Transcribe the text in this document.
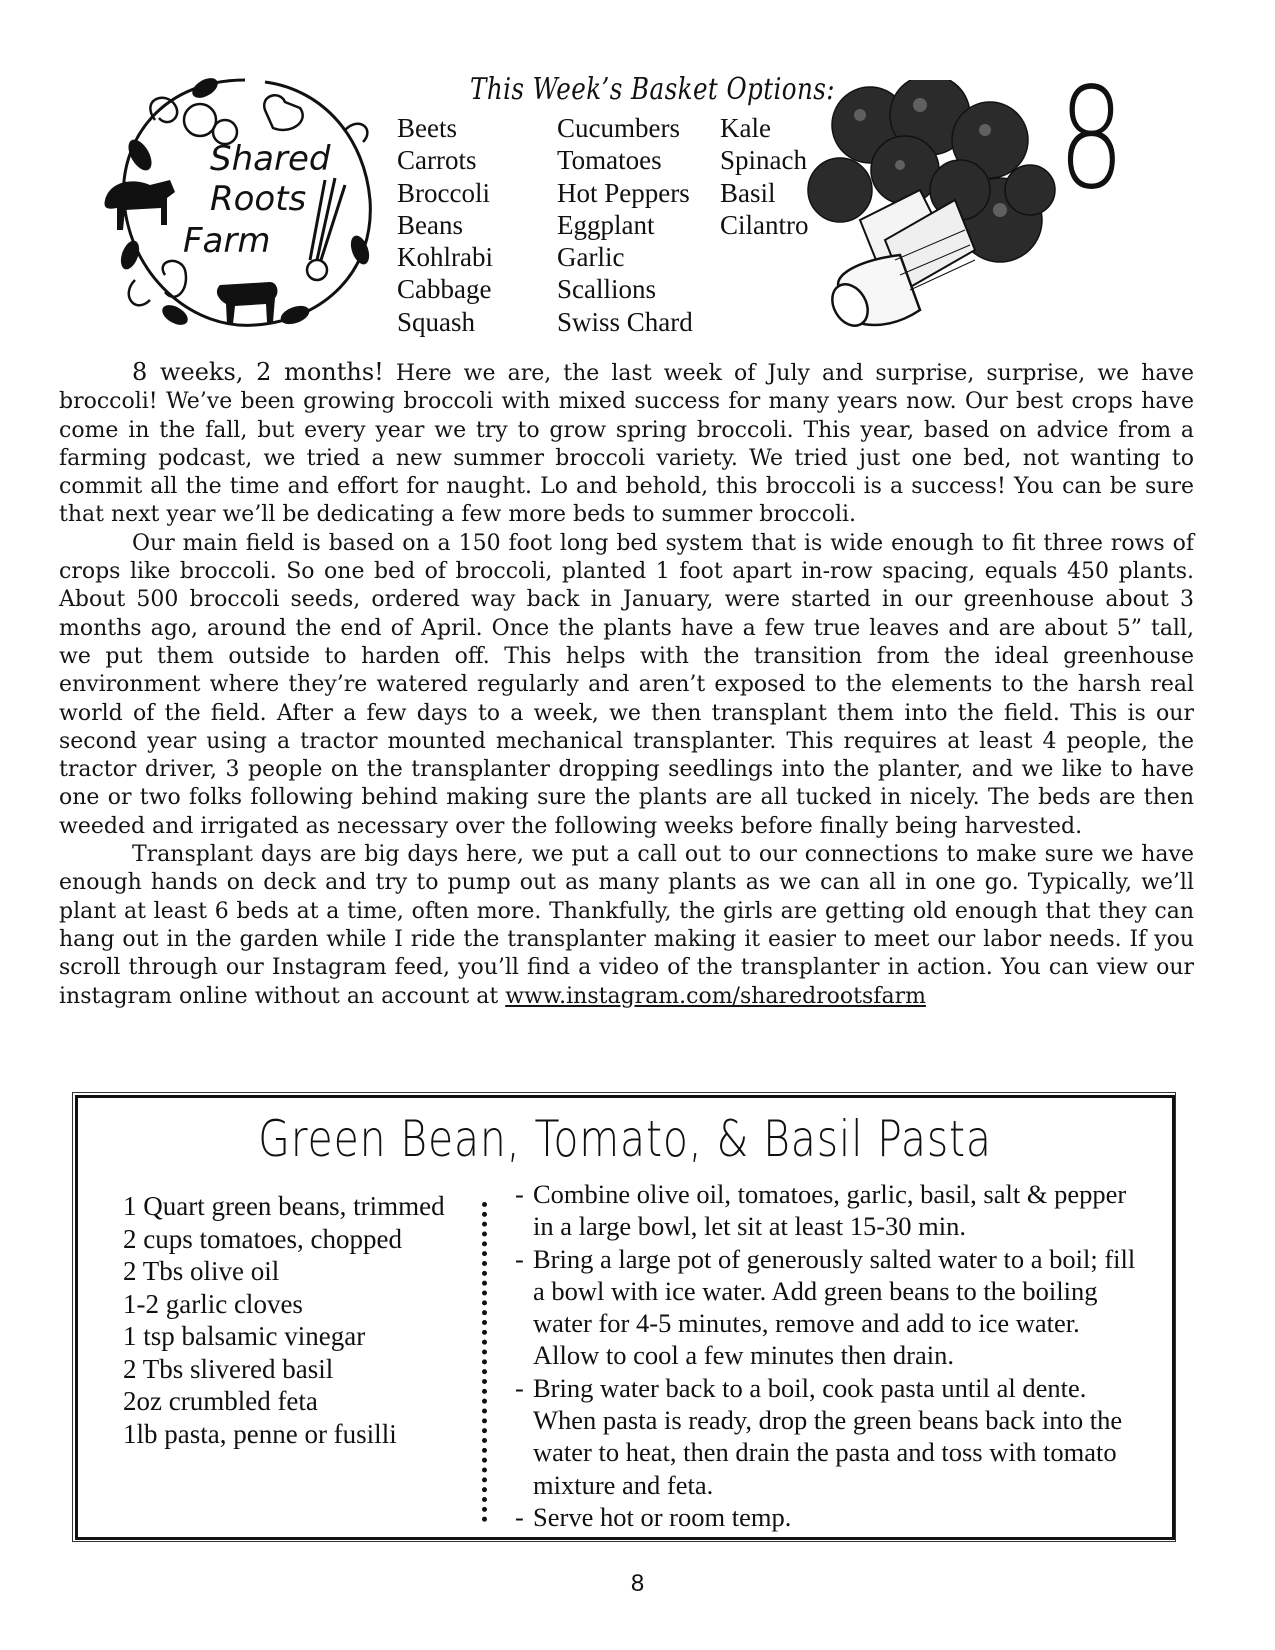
Shared
Roots
Farm
This Week’s Basket Options:
Beets
Carrots
Broccoli
Beans
Kohlrabi
Cabbage
Squash
Cucumbers
Tomatoes
Hot Peppers
Eggplant
Garlic
Scallions
Swiss Chard
Kale
Spinach
Basil
Cilantro
8

8 weeks, 2 months! Here we are, the last week of July and surprise, surprise, we have broccoli! We’ve been growing broccoli with mixed success for many years now. Our best crops have come in the fall, but every year we try to grow spring broccoli. This year, based on advice from a farming podcast, we tried a new summer broccoli variety. We tried just one bed, not wanting to commit all the time and effort for naught. Lo and behold, this broccoli is a success! You can be sure that next year we’ll be dedicating a few more beds to summer broccoli.

Our main field is based on a 150 foot long bed system that is wide enough to fit three rows of crops like broccoli. So one bed of broccoli, planted 1 foot apart in-row spacing, equals 450 plants. About 500 broccoli seeds, ordered way back in January, were started in our greenhouse about 3 months ago, around the end of April. Once the plants have a few true leaves and are about 5” tall, we put them outside to harden off. This helps with the transition from the ideal greenhouse environment where they’re watered regularly and aren’t exposed to the elements to the harsh real world of the field. After a few days to a week, we then transplant them into the field. This is our second year using a tractor mounted mechanical transplanter. This requires at least 4 people, the tractor driver, 3 people on the transplanter dropping seedlings into the planter, and we like to have one or two folks following behind making sure the plants are all tucked in nicely. The beds are then weeded and irrigated as necessary over the following weeks before finally being harvested.

Transplant days are big days here, we put a call out to our connections to make sure we have enough hands on deck and try to pump out as many plants as we can all in one go. Typically, we’ll plant at least 6 beds at a time, often more. Thankfully, the girls are getting old enough that they can hang out in the garden while I ride the transplanter making it easier to meet our labor needs. If you scroll through our Instagram feed, you’ll find a video of the transplanter in action. You can view our instagram online without an account at www.instagram.com/sharedrootsfarm

Green Bean, Tomato, & Basil Pasta
1 Quart green beans, trimmed
2 cups tomatoes, chopped
2 Tbs olive oil
1-2 garlic cloves
1 tsp balsamic vinegar
2 Tbs slivered basil
2oz crumbled feta
1lb pasta, penne or fusilli
- Combine olive oil, tomatoes, garlic, basil, salt & pepper in a large bowl, let sit at least 15-30 min.
- Bring a large pot of generously salted water to a boil; fill a bowl with ice water. Add green beans to the boiling water for 4-5 minutes, remove and add to ice water. Allow to cool a few minutes then drain.
- Bring water back to a boil, cook pasta until al dente. When pasta is ready, drop the green beans back into the water to heat, then drain the pasta and toss with tomato mixture and feta.
- Serve hot or room temp.
8
